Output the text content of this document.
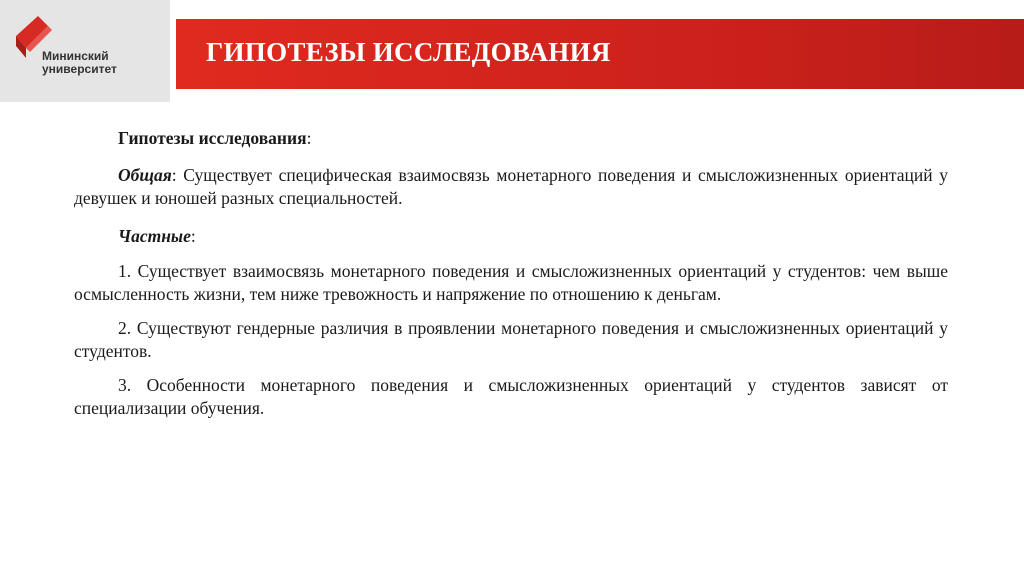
Мининский
университет
ГИПОТЕЗЫ ИССЛЕДОВАНИЯ

Гипотезы исследования:

Общая: Существует специфическая взаимосвязь монетарного поведения и смысложизненных ориентаций у девушек и юношей разных специальностей.

Частные:

1. Существует взаимосвязь монетарного поведения и смысложизненных ориентаций у студентов: чем выше осмысленность жизни, тем ниже тревожность и напряжение по отношению к деньгам.

2. Существуют гендерные различия в проявлении монетарного поведения и смысложизненных ориентаций у студентов.

3. Особенности монетарного поведения и смысложизненных ориентаций у студентов зависят от специализации обучения.
